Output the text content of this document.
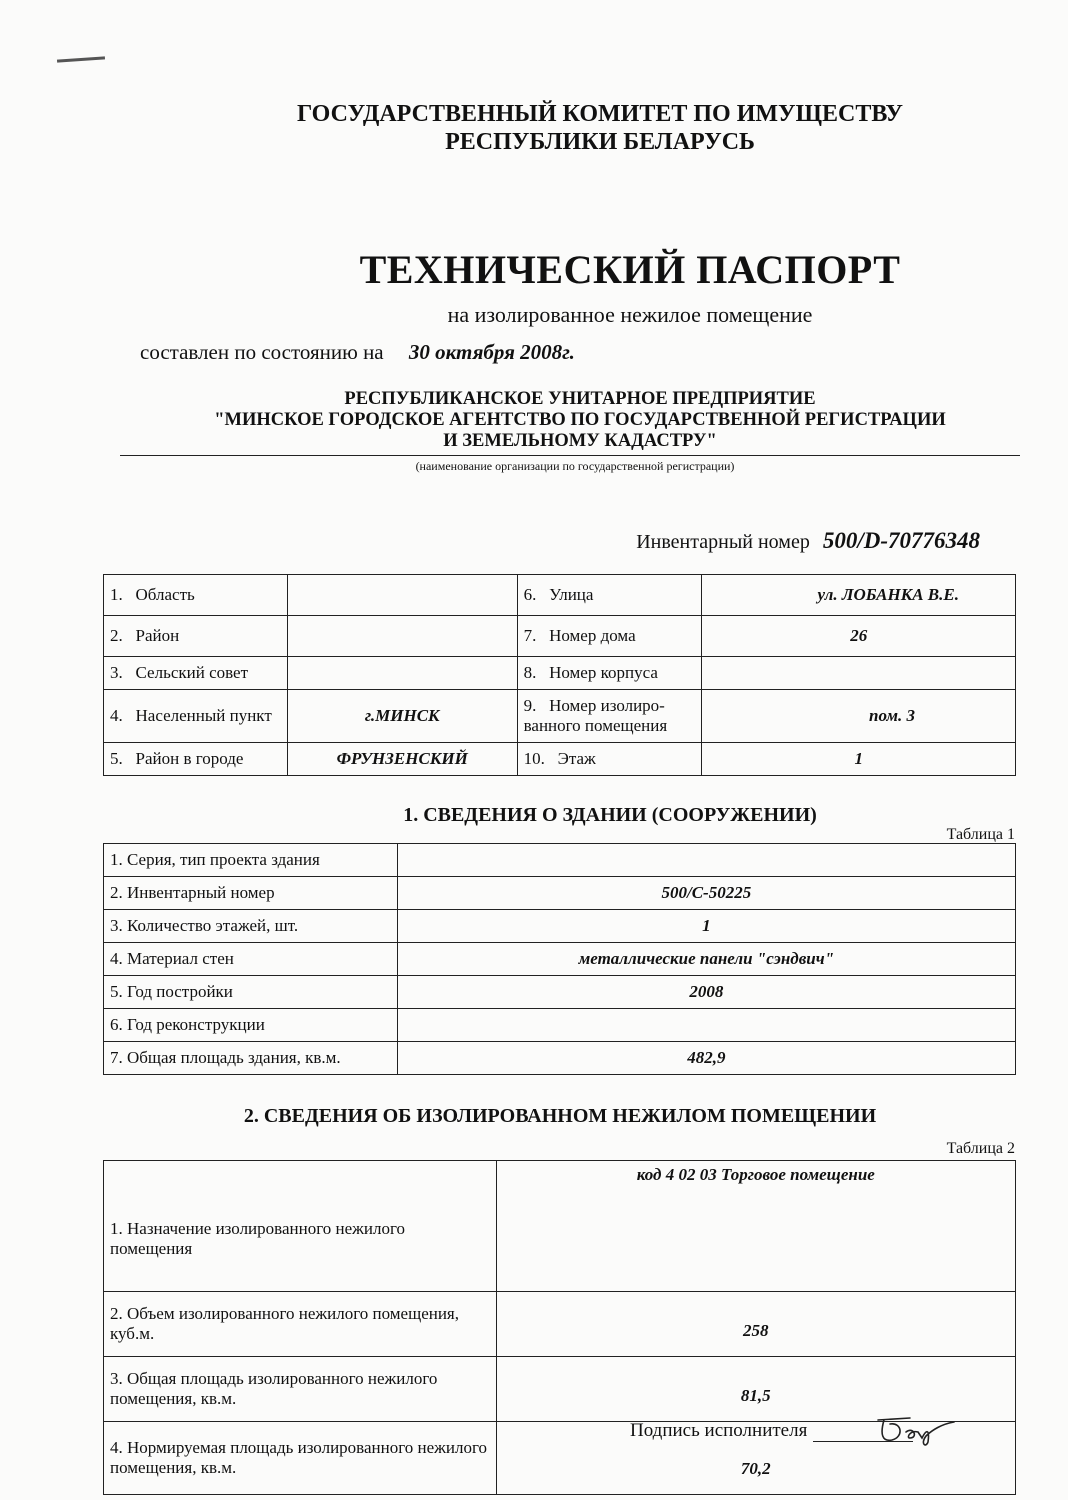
ГОСУДАРСТВЕННЫЙ КОМИТЕТ ПО ИМУЩЕСТВУ
РЕСПУБЛИКИ БЕЛАРУСЬ
ТЕХНИЧЕСКИЙ ПАСПОРТ
на изолированное нежилое помещение
составлен по состоянию на 30 октября 2008г.
РЕСПУБЛИКАНСКОЕ УНИТАРНОЕ ПРЕДПРИЯТИЕ
"МИНСКОЕ ГОРОДСКОЕ АГЕНТСТВО ПО ГОСУДАРСТВЕННОЙ РЕГИСТРАЦИИ
И ЗЕМЕЛЬНОМУ КАДАСТРУ"
(наименование организации по государственной регистрации)
Инвентарный номер 500/D-70776348
1. Область		6. Улица	ул. ЛОБАНКА В.Е.
2. Район		7. Номер дома	26
3. Сельский совет		8. Номер корпуса	
4. Населенный пункт	г.МИНСК	9. Номер изолиро-ванного помещения	пом. 3
5. Район в городе	ФРУНЗЕНСКИЙ	10. Этаж	1
1. СВЕДЕНИЯ О ЗДАНИИ (СООРУЖЕНИИ)
Таблица 1
1. Серия, тип проекта здания	
2. Инвентарный номер	500/С-50225
3. Количество этажей, шт.	1
4. Материал стен	металлические панели "сэндвич"
5. Год постройки	2008
6. Год реконструкции	
7. Общая площадь здания, кв.м.	482,9
2. СВЕДЕНИЯ ОБ ИЗОЛИРОВАННОМ НЕЖИЛОМ ПОМЕЩЕНИИ
Таблица 2
1. Назначение изолированного нежилого помещения	код 4 02 03 Торговое помещение
2. Объем изолированного нежилого помещения, куб.м.	258
3. Общая площадь изолированного нежилого помещения, кв.м.	81,5
4. Нормируемая площадь изолированного нежилого помещения, кв.м.	70,2
Подпись исполнителя
